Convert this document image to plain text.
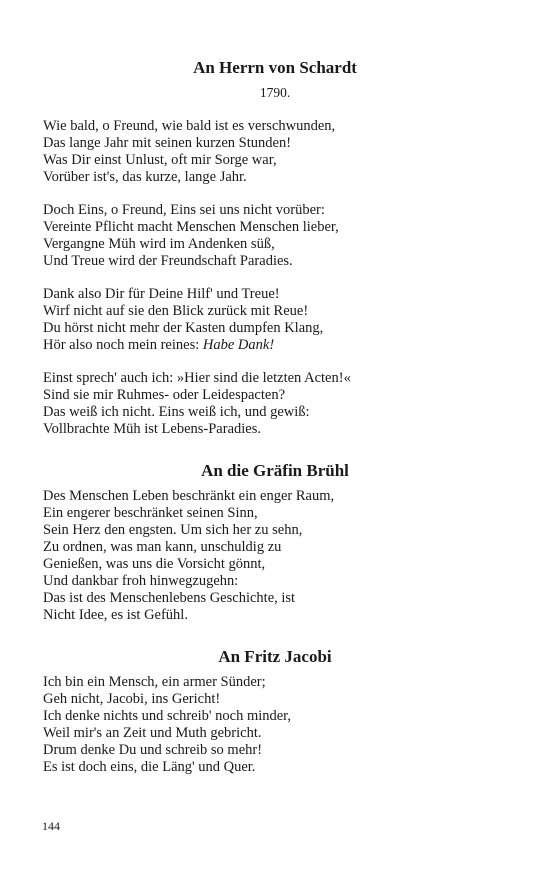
An Herrn von Schardt
1790.
Wie bald, o Freund, wie bald ist es verschwunden,
Das lange Jahr mit seinen kurzen Stunden!
Was Dir einst Unlust, oft mir Sorge war,
Vorüber ist's, das kurze, lange Jahr.
Doch Eins, o Freund, Eins sei uns nicht vorüber:
Vereinte Pflicht macht Menschen Menschen lieber,
Vergangne Müh wird im Andenken süß,
Und Treue wird der Freundschaft Paradies.
Dank also Dir für Deine Hilf' und Treue!
Wirf nicht auf sie den Blick zurück mit Reue!
Du hörst nicht mehr der Kasten dumpfen Klang,
Hör also noch mein reines: Habe Dank!
Einst sprech' auch ich: »Hier sind die letzten Acten!«
Sind sie mir Ruhmes- oder Leidespacten?
Das weiß ich nicht. Eins weiß ich, und gewiß:
Vollbrachte Müh ist Lebens-Paradies.
An die Gräfin Brühl
Des Menschen Leben beschränkt ein enger Raum,
Ein engerer beschränket seinen Sinn,
Sein Herz den engsten. Um sich her zu sehn,
Zu ordnen, was man kann, unschuldig zu
Genießen, was uns die Vorsicht gönnt,
Und dankbar froh hinwegzugehn:
Das ist des Menschenlebens Geschichte, ist
Nicht Idee, es ist Gefühl.
An Fritz Jacobi
Ich bin ein Mensch, ein armer Sünder;
Geh nicht, Jacobi, ins Gericht!
Ich denke nichts und schreib' noch minder,
Weil mir's an Zeit und Muth gebricht.
Drum denke Du und schreib so mehr!
Es ist doch eins, die Läng' und Quer.
144
